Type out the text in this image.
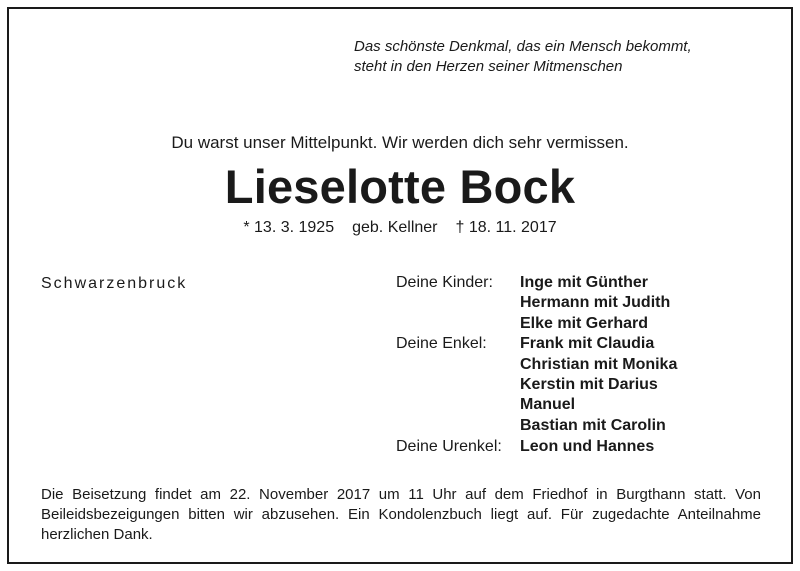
Das schönste Denkmal, das ein Mensch bekommt,
steht in den Herzen seiner Mitmenschen
Du warst unser Mittelpunkt. Wir werden dich sehr vermissen.
Lieselotte Bock
* 13. 3. 1925 geb. Kellner † 18. 11. 2017
Schwarzenbruck	Deine Kinder:	Inge mit Günther
Hermann mit Judith
Elke mit Gerhard
Deine Enkel:	Frank mit Claudia
Christian mit Monika
Kerstin mit Darius
Manuel
Bastian mit Carolin
Deine Urenkel:	Leon und Hannes
Die Beisetzung findet am 22. November 2017 um 11 Uhr auf dem Friedhof in Burgthann statt. Von Beileidsbezeigungen bitten wir abzusehen. Ein Kondolenzbuch liegt auf. Für zugedachte Anteilnahme herzlichen Dank.
